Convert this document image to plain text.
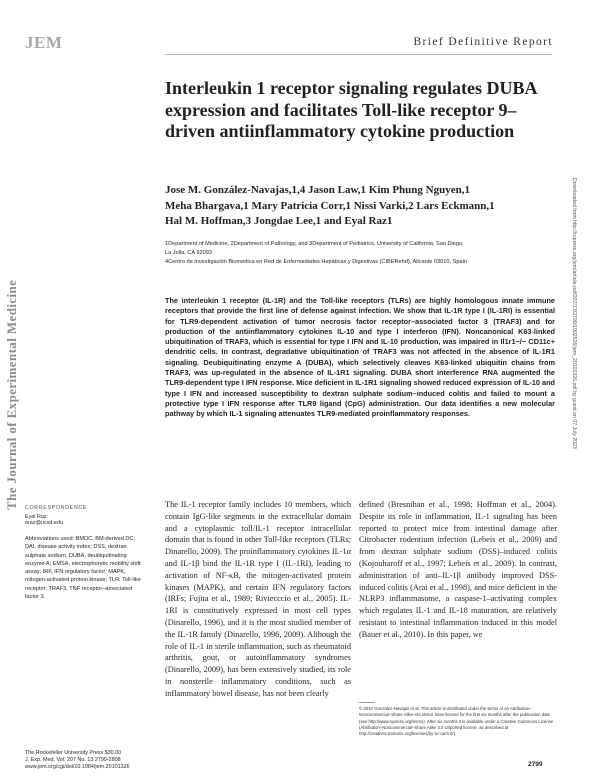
JEM	Brief Definitive Report
The Journal of Experimental Medicine	Downloaded from http://rupress.org/jem/article-pdf/207/13/2799/1902526/jem_20101326.pdf by guest on 07 July 2023
Interleukin 1 receptor signaling regulates DUBA expression and facilitates Toll-like receptor 9–driven antiinflammatory cytokine production
Jose M. González-Navajas,1,4 Jason Law,1 Kim Phung Nguyen,1
Meha Bhargava,1 Mary Patricia Corr,1 Nissi Varki,2 Lars Eckmann,1
Hal M. Hoffman,3 Jongdae Lee,1 and Eyal Raz1
1Department of Medicine, 2Department of Pathology, and 3Department of Pediatrics, University of California, San Diego,
La Jolla, CA 92093
4Centro de Investigación Biomédica en Red de Enfermedades Hepáticas y Digestivas (CIBERehd), Alicante 03010, Spain
The interleukin 1 receptor (IL-1R) and the Toll-like receptors (TLRs) are highly homologous innate immune receptors that provide the first line of defense against infection. We show that IL-1R type I (IL-1RI) is essential for TLR9-dependent activation of tumor necrosis factor receptor–associated factor 3 (TRAF3) and for production of the antiinflammatory cytokines IL-10 and type I interferon (IFN). Noncanonical K63-linked ubiquitination of TRAF3, which is essential for type I IFN and IL-10 production, was impaired in Il1r1−/− CD11c+ dendritic cells. In contrast, degradative ubiquitination of TRAF3 was not affected in the absence of IL-1R1 signaling. Deubiquitinating enzyme A (DUBA), which selectively cleaves K63-linked ubiquitin chains from TRAF3, was up-regulated in the absence of IL-1R1 signaling. DUBA short interference RNA augmented the TLR9-dependent type I IFN response. Mice deficient in IL-1R1 signaling showed reduced expression of IL-10 and type I IFN and increased susceptibility to dextran sulphate sodium–induced colitis and failed to mount a protective type I IFN response after TLR9 ligand (CpG) administration. Our data identifies a new molecular pathway by which IL-1 signaling attenuates TLR9-mediated proinflammatory responses.
CORRESPONDENCE
Eyal Raz:
eraz@ucsd.edu
Abbreviations used: BMDC, BM-derived DC; DAI, disease activity index; DSS, dextran sulphate sodium; DUBA, deubiquitinating enzyme A; EMSA, electrophoretic mobility shift assay; IRF, IFN regulatory factor; MAPK, mitogen-activated protein kinase; TLR, Toll-like receptor; TRAF3, TNF receptor–associated factor 3.
The IL-1 receptor family includes 10 members, which contain IgG-like segments in the extracellular domain and a cytoplasmic toll/IL-1 receptor intracellular domain that is found in other Toll-like receptors (TLRs; Dinarello, 2009). The proinflammatory cytokines IL-1α and IL-1β bind the IL-1R type I (IL-1RI), leading to activation of NF-κB, the mitogen-activated protein kinases (MAPK), and certain IFN regulatory factors (IRFs; Fujita et al., 1989; Riviecccio et al., 2005). IL-1RI is constitutively expressed in most cell types (Dinarello, 1996), and it is the most studied member of the IL-1R family (Dinarello, 1996, 2009). Although the role of IL-1 in sterile inflammation, such as rheumatoid arthritis, gout, or autoinflammatory syndromes (Dinarello, 2009), has been extensively studied, its role in nonsterile inflammatory conditions, such as inflammatory bowel disease, has not been clearly
defined (Bresnihan et al., 1998; Hoffman et al., 2004). Despite its role in inflammation, IL-1 signaling has been reported to protect mice from intestinal damage after Citrobacter rodentium infection (Lebeis et al., 2009) and from dextran sulphate sodium (DSS)–induced colitis (Kojouharoff et al., 1997; Lebeis et al., 2009). In contrast, administration of anti–IL-1β antibody improved DSS-induced colitis (Arai et al., 1998), and mice deficient in the NLRP3 inflammasome, a caspase-1–activating complex which regulates IL-1 and IL-18 maturation, are relatively resistant to intestinal inflammation induced in this model (Bauer et al., 2010). In this paper, we
© 2010 González-Navajas et al. This article is distributed under the terms of an Attribution–Noncommercial–Share Alike–No Mirror Sites license for the first six months after the publication date (see http://www.rupress.org/terms). After six months it is available under a Creative Commons License (Attribution–Noncommercial–Share Alike 3.0 Unported license, as described at http://creativecommons.org/licenses/by-nc-sa/3.0/).
The Rockefeller University Press $30.00
J. Exp. Med. Vol. 207 No. 13 2799-2808
www.jem.org/cgi/doi/10.1084/jem.20101326	2799
